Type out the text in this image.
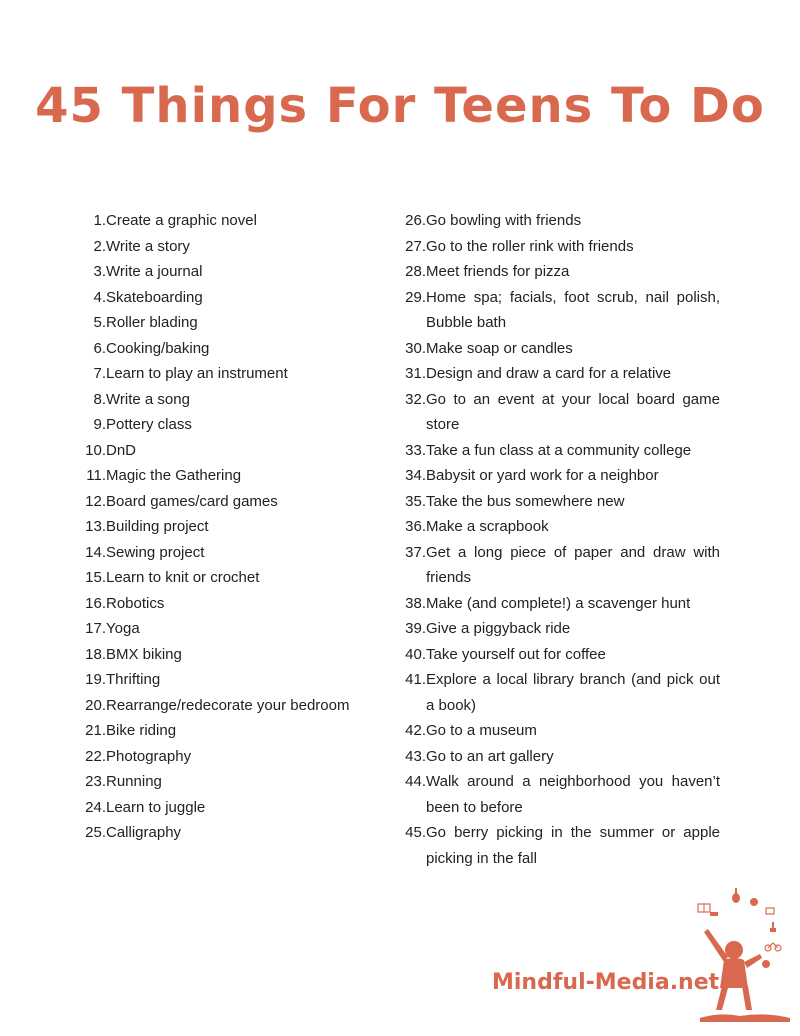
45 Things For Teens To Do
1. Create a graphic novel
2. Write a story
3. Write a journal
4. Skateboarding
5. Roller blading
6. Cooking/baking
7. Learn to play an instrument
8. Write a song
9. Pottery class
10. DnD
11. Magic the Gathering
12. Board games/card games
13. Building project
14. Sewing project
15. Learn to knit or crochet
16. Robotics
17. Yoga
18. BMX biking
19. Thrifting
20. Rearrange/redecorate your bedroom
21. Bike riding
22. Photography
23. Running
24. Learn to juggle
25. Calligraphy
26. Go bowling with friends
27. Go to the roller rink with friends
28. Meet friends for pizza
29. Home spa; facials, foot scrub, nail polish, Bubble bath
30. Make soap or candles
31. Design and draw a card for a relative
32. Go to an event at your local board game store
33. Take a fun class at a community college
34. Babysit or yard work for a neighbor
35. Take the bus somewhere new
36. Make a scrapbook
37. Get a long piece of paper and draw with friends
38. Make (and complete!) a scavenger hunt
39. Give a piggyback ride
40. Take yourself out for coffee
41. Explore a local library branch (and pick out a book)
42. Go to a museum
43. Go to an art gallery
44. Walk around a neighborhood you haven’t been to before
45. Go berry picking in the summer or apple picking in the fall
Mindful-Media.net
